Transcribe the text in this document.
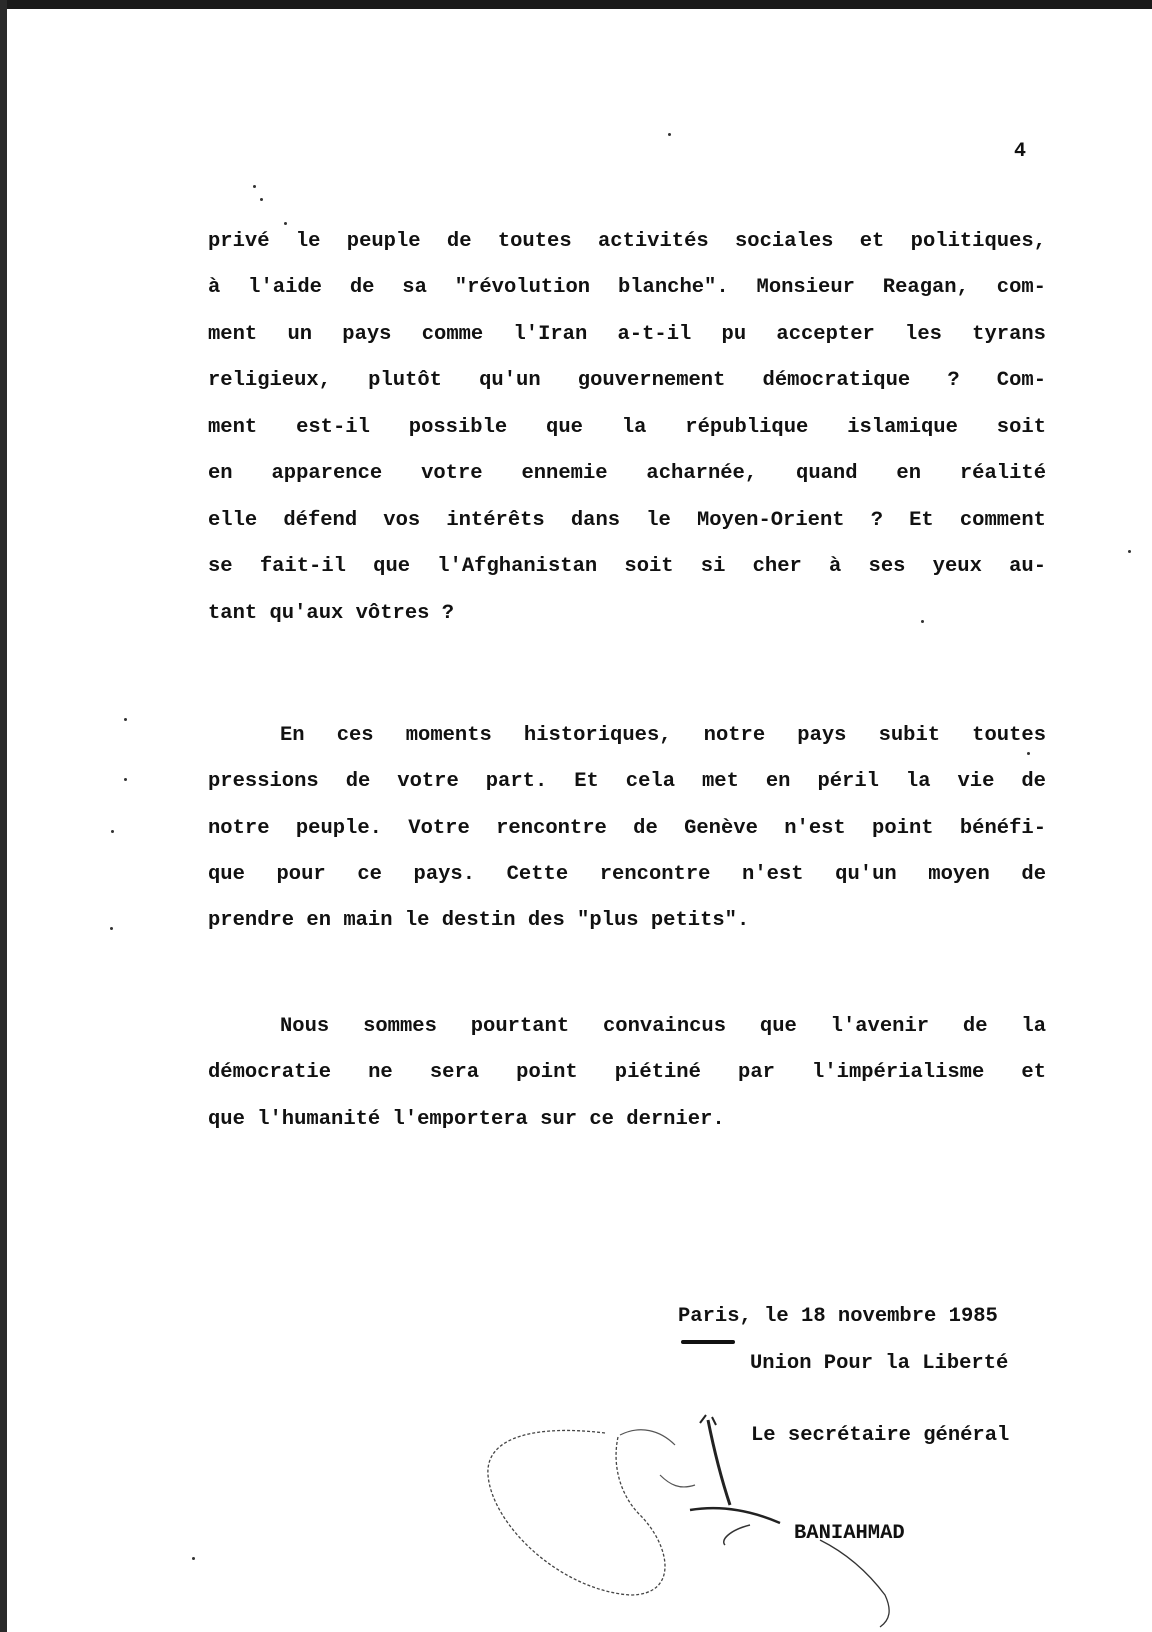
4
privé le peuple de toutes activités sociales et politiques,
à l'aide de sa "révolution blanche". Monsieur Reagan, com-
ment un pays comme l'Iran a-t-il pu accepter les tyrans
religieux, plutôt qu'un gouvernement démocratique ? Com-
ment est-il possible que la république islamique soit
en apparence votre ennemie acharnée, quand en réalité
elle défend vos intérêts dans le Moyen-Orient ? Et comment
se fait-il que l'Afghanistan soit si cher à ses yeux au-
tant qu'aux vôtres ?
En ces moments historiques, notre pays subit toutes
pressions de votre part. Et cela met en péril la vie de
notre peuple. Votre rencontre de Genève n'est point bénéfi-
que pour ce pays. Cette rencontre n'est qu'un moyen de
prendre en main le destin des "plus petits".
Nous sommes pourtant convaincus que l'avenir de la
démocratie ne sera point piétiné par l'impérialisme et
que l'humanité l'emportera sur ce dernier.
Paris, le 18 novembre 1985
Union Pour la Liberté
Le secrétaire général
BANIAHMAD
